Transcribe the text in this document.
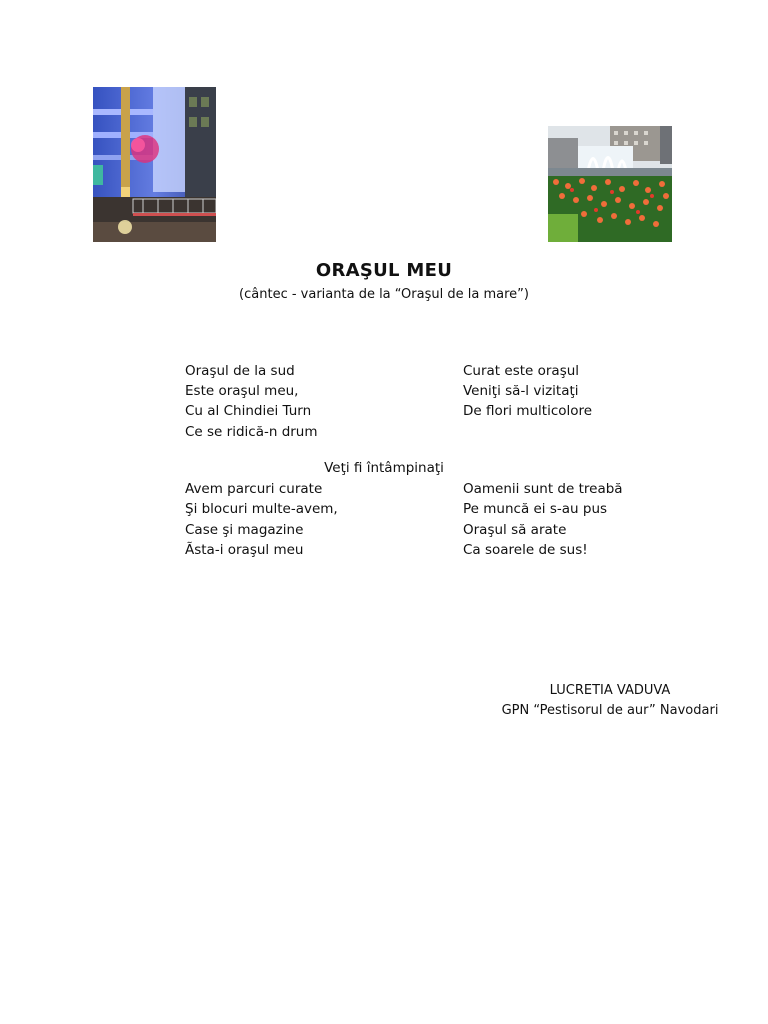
ORAŞUL MEU
(cântec - varianta de la “Oraşul de la mare”)
Oraşul de la sud
Este oraşul meu,
Cu al Chindiei Turn
Ce se ridică-n drum
Curat este oraşul
Veniţi să-l vizitaţi
De flori multicolore
Veţi fi întâmpinaţi
Avem parcuri curate
Şi blocuri multe-avem,
Case şi magazine
Ãsta-i oraşul meu
Oamenii sunt de treabă
Pe muncă ei s-au pus
Oraşul să arate
Ca soarele de sus!
LUCRETIA VADUVA
GPN “Pestisorul de aur” Navodari
